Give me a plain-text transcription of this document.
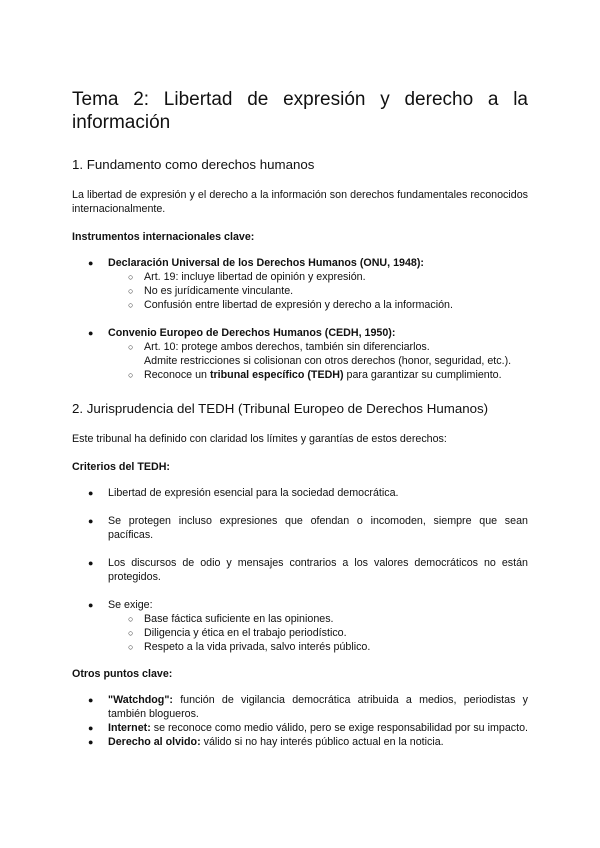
Tema 2: Libertad de expresión y derecho a la información
1. Fundamento como derechos humanos

La libertad de expresión y el derecho a la información son derechos fundamentales reconocidos internacionalmente.

Instrumentos internacionales clave:

● Declaración Universal de los Derechos Humanos (ONU, 1948):
○ Art. 19: incluye libertad de opinión y expresión.
○ No es jurídicamente vinculante.
○ Confusión entre libertad de expresión y derecho a la información.
● Convenio Europeo de Derechos Humanos (CEDH, 1950):
○ Art. 10: protege ambos derechos, también sin diferenciarlos.
Admite restricciones si colisionan con otros derechos (honor, seguridad, etc.).
○ Reconoce un tribunal específico (TEDH) para garantizar su cumplimiento.
2. Jurisprudencia del TEDH (Tribunal Europeo de Derechos Humanos)

Este tribunal ha definido con claridad los límites y garantías de estos derechos:

Criterios del TEDH:

● Libertad de expresión esencial para la sociedad democrática.
● Se protegen incluso expresiones que ofendan o incomoden, siempre que sean pacíficas.
● Los discursos de odio y mensajes contrarios a los valores democráticos no están protegidos.
● Se exige:
○ Base fáctica suficiente en las opiniones.
○ Diligencia y ética en el trabajo periodístico.
○ Respeto a la vida privada, salvo interés público.

Otros puntos clave:

● "Watchdog": función de vigilancia democrática atribuida a medios, periodistas y también blogueros.
● Internet: se reconoce como medio válido, pero se exige responsabilidad por su impacto.
● Derecho al olvido: válido si no hay interés público actual en la noticia.
